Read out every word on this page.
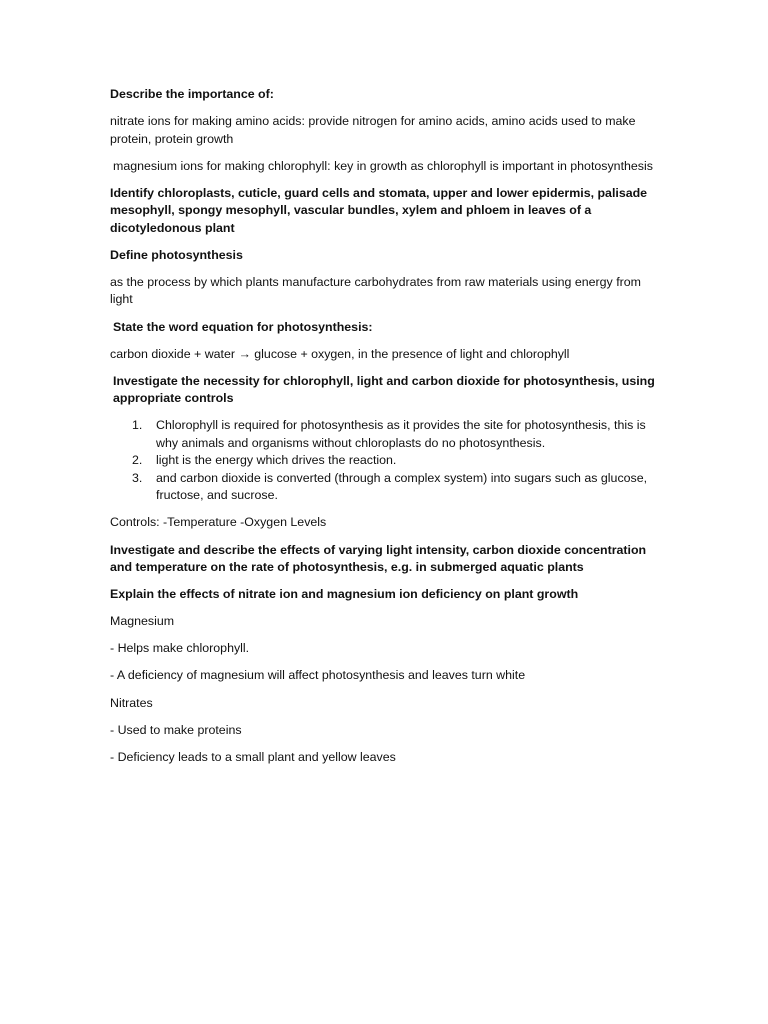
Describe the importance of:

nitrate ions for making amino acids: provide nitrogen for amino acids, amino acids used to make protein, protein growth

magnesium ions for making chlorophyll: key in growth as chlorophyll is important in photosynthesis

Identify chloroplasts, cuticle, guard cells and stomata, upper and lower epidermis, palisade mesophyll, spongy mesophyll, vascular bundles, xylem and phloem in leaves of a dicotyledonous plant

Define photosynthesis

as the process by which plants manufacture carbohydrates from raw materials using energy from light

State the word equation for photosynthesis:

carbon dioxide + water → glucose + oxygen, in the presence of light and chlorophyll

Investigate the necessity for chlorophyll, light and carbon dioxide for photosynthesis, using appropriate controls

1. Chlorophyll is required for photosynthesis as it provides the site for photosynthesis, this is why animals and organisms without chloroplasts do no photosynthesis.
2. light is the energy which drives the reaction.
3. and carbon dioxide is converted (through a complex system) into sugars such as glucose, fructose, and sucrose.

Controls: -Temperature -Oxygen Levels

Investigate and describe the effects of varying light intensity, carbon dioxide concentration and temperature on the rate of photosynthesis, e.g. in submerged aquatic plants

Explain the effects of nitrate ion and magnesium ion deficiency on plant growth

Magnesium

- Helps make chlorophyll.

- A deficiency of magnesium will affect photosynthesis and leaves turn white

Nitrates

- Used to make proteins

- Deficiency leads to a small plant and yellow leaves
